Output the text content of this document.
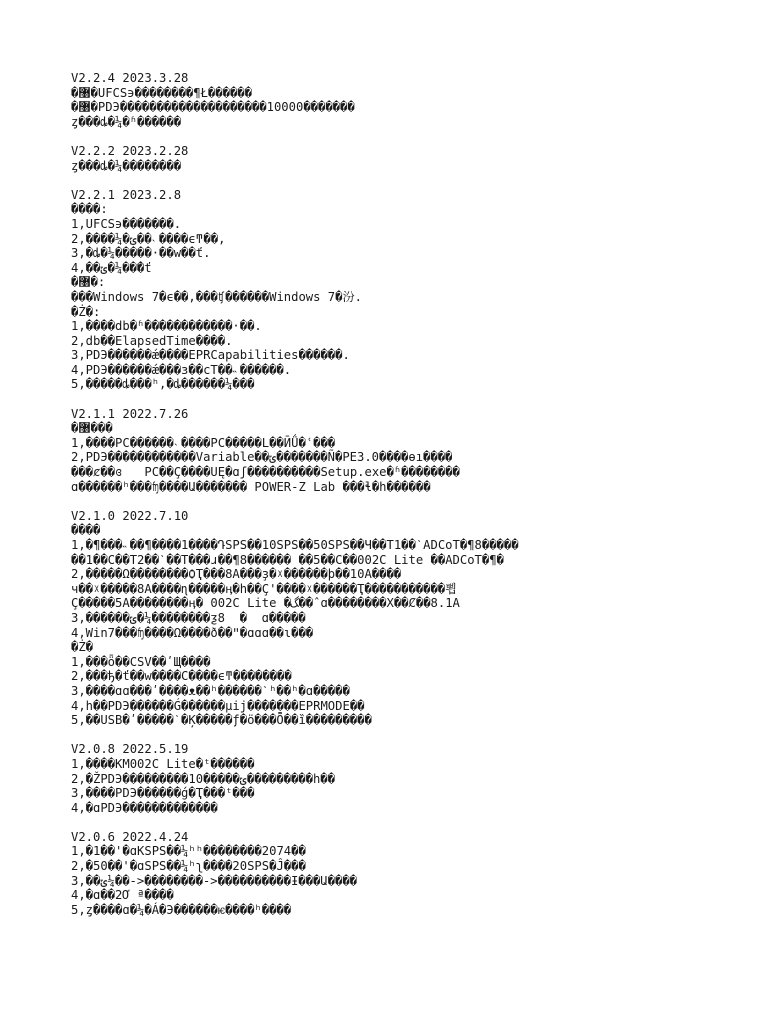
V2.2.4 2023.3.28
�޸�UFCS϶��������¶Ł������
�޸�PDЭ��������������������10000�������
ȥ���ȡ�¼�ʱ������
V2.2.2 2023.2.28
ȥ���ȡ�¼��������
V2.2.1 2023.2.8
����:
1,UFCS϶�������.
2,����¼�ݶ��˴����ϵͳ��,
3,�ȡ�¼�����·��w��ť.
4,��ݶ�¼��ܶ�ť
�޸�:
���Windows 7�ϵ��,���ʧ������Windows 7�汾.
�Ż�:
1,����db�ʱ������������·��.
2,db��ElapsedTime����.
3,PDЭ������ǽ����EPRCapabilities������.
4,PDЭ������ǽ���з��cT��˵������.
5,�����ȡ���ʰ,�ȡ������¼���
V2.1.1 2022.7.26
�޸���
1,����PC������˴����PC�����L��ӢǗ�ʿ���
2,PDЭ������������Variable��ݶ�������Ñ�PE3.0����ɵı����
���ȼ��ɞ   PC��Ç����UĘ�ɑʃ����������Setup.exe�ʱ��������
ɑ������ʰ���ʩ����Ա������� POWER-Z Lab ���ɬ�h������
V2.1.0 2022.7.10
����
1,�¶���˵��¶����1����ԴSPS��10SPS��50SPS��Ч��T1��ˋADCoT�¶8�����
��1��C��T2��ˋ��T���ɹ��¶8������ ��5��C��002C Lite ��ADCoT�¶�
2,�����Ω��������ѺҬ���8A���ҙ�ᵡ������ϸ��10A����
ч��ᵡ�����8A����ɳ�����ӊ�h��Ç'����ᵡ������Ҭ�����������뾥
Ç�����5A��������ӊ� 002C Lite �ﮓ��ˆɑ��������X��Ȼ��8.1A
3,������ݶ�¼��������ƺ8  �  ɑ�����
4,Win7���ʩ����Ω����ð��ʺ�ɑɑɑ��ɩ���
�Ż�
1,���ȫ��CSV��ʹЩ����
2,���ђ�ť��w����С����ϵͳ��������
3,����ɑɑ���ʹ����ᴥ��ʰ������ˋʰ��ʰ�ɑ�����
4,h��PDЭ������Ǵ������µij�������EPRMODE��
5,��USB�ʹ�����ˋ�Ķ�����ƒ�ö���Ȭ��ȉ���������
V2.0.8 2022.5.19
1,����KM002C Lite�ᵗ������
2,�ŽPDЭ���������10�����ݶ���������h��
3,����PDЭ������ǵ�Ҭ���ᵗ���
4,�ɑPDЭ�������������
V2.0.6 2022.4.24
1,�1��'�ɑKSPS��¼ʰʰ��������2074��
2,�50��'�ɑSPS��¼ʰʅ����20SPS�Ĵ���
3,��ݶ¼��->��������->����������Ɨ���Ա����
4,�ɑ��2Ơ ª����
5,ȥ����ɑ�¼�Á�Э������ѥ����ʰ����
